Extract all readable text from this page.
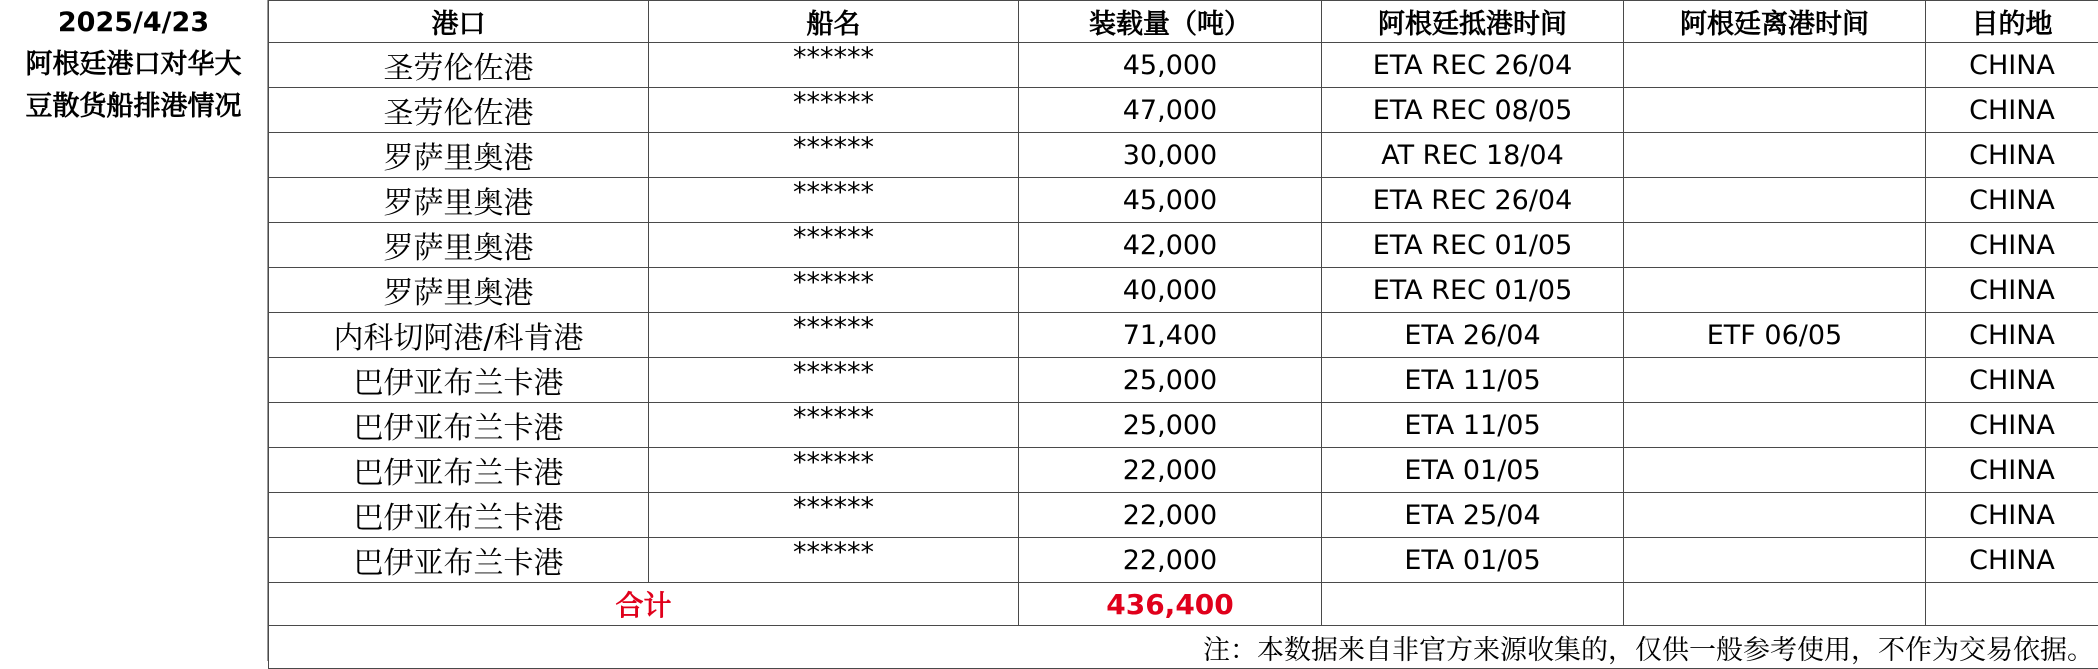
2025/4/23
阿根廷港口对华大
豆散货船排港情况
港口	船名	装载量（吨）	阿根廷抵港时间	阿根廷离港时间	目的地
圣劳伦佐港	******	45,000	ETA REC 26/04		CHINA
圣劳伦佐港	******	47,000	ETA REC 08/05		CHINA
罗萨里奥港	******	30,000	AT REC 18/04		CHINA
罗萨里奥港	******	45,000	ETA REC 26/04		CHINA
罗萨里奥港	******	42,000	ETA REC 01/05		CHINA
罗萨里奥港	******	40,000	ETA REC 01/05		CHINA
内科切阿港/科肯港	******	71,400	ETA 26/04	ETF 06/05	CHINA
巴伊亚布兰卡港	******	25,000	ETA 11/05		CHINA
巴伊亚布兰卡港	******	25,000	ETA 11/05		CHINA
巴伊亚布兰卡港	******	22,000	ETA 01/05		CHINA
巴伊亚布兰卡港	******	22,000	ETA 25/04		CHINA
巴伊亚布兰卡港	******	22,000	ETA 01/05		CHINA
合计		436,400			
注：本数据来自非官方来源收集的，仅供一般参考使用，不作为交易依据。					
